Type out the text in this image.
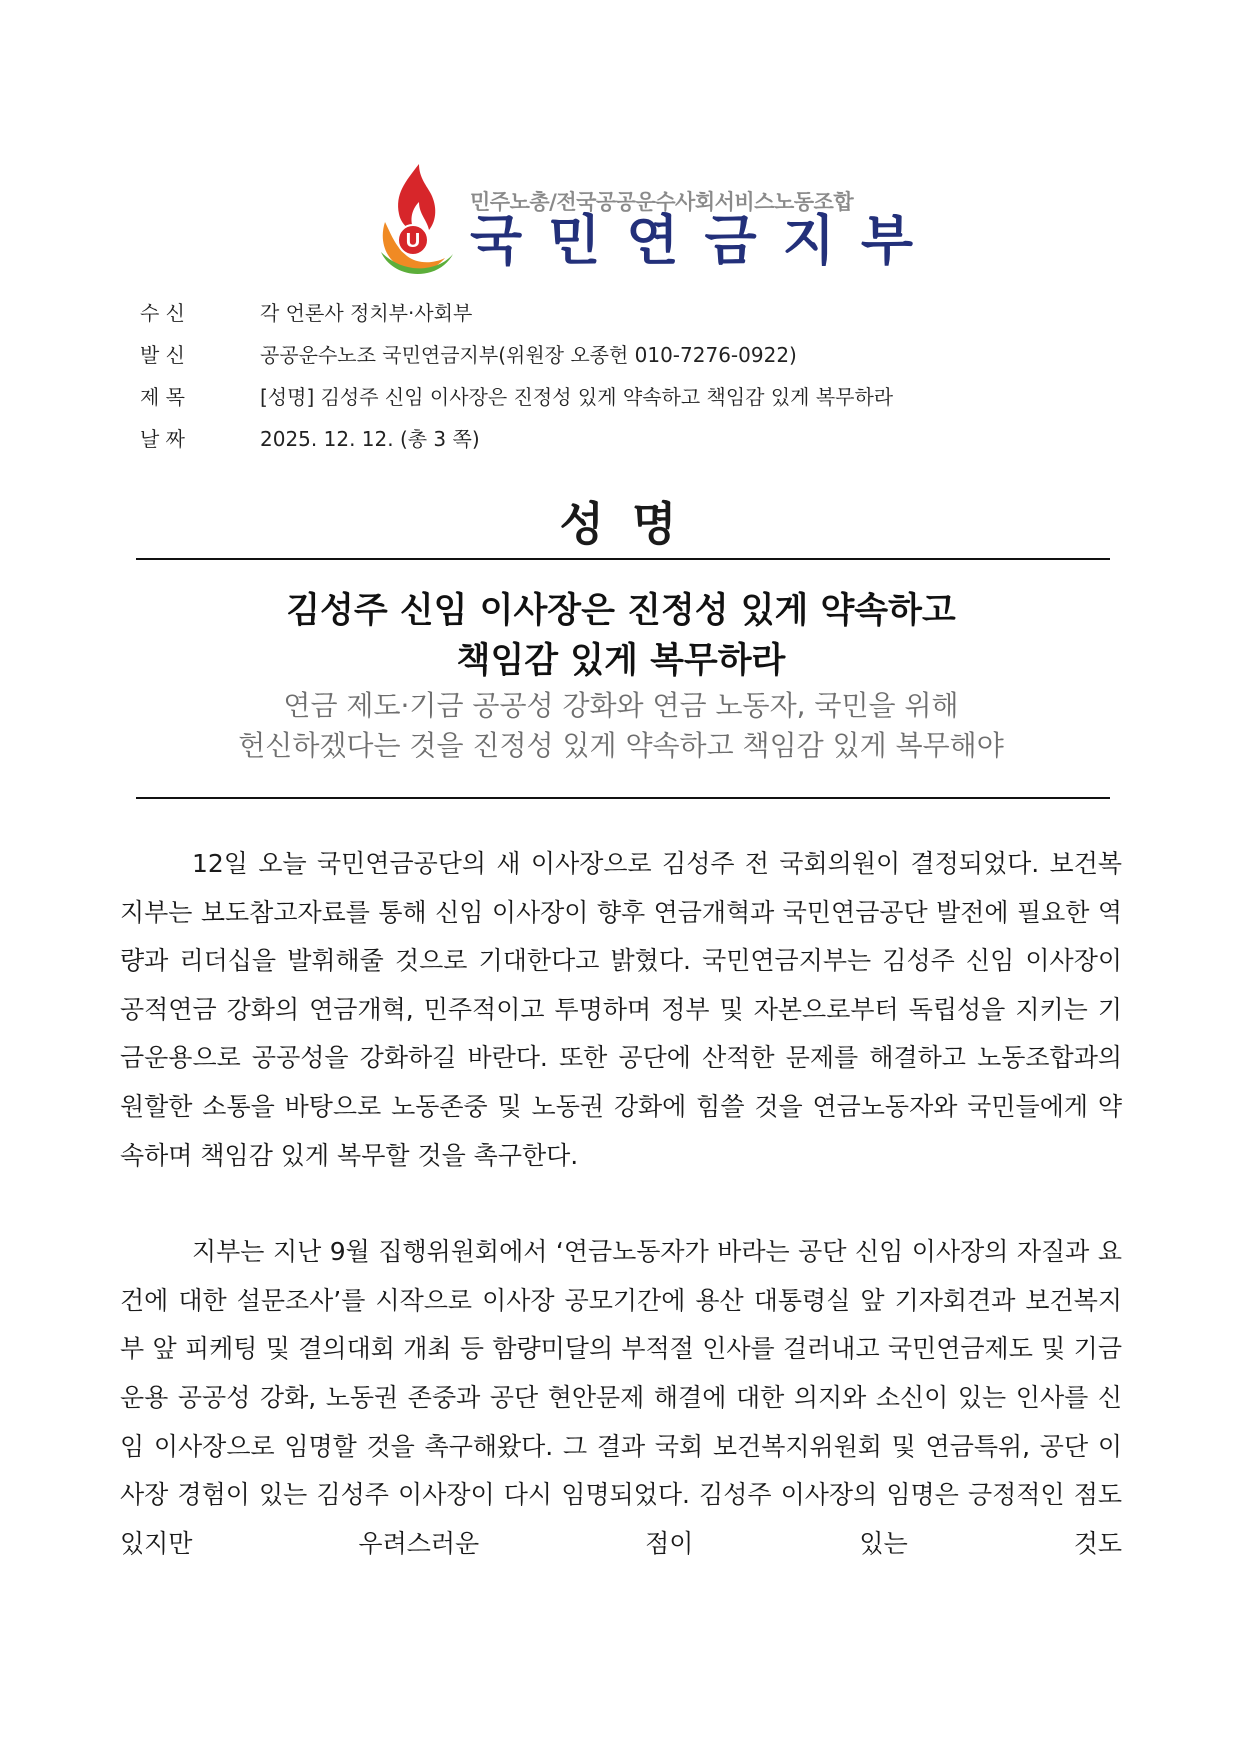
U
민주노총/전국공공운수사회서비스노동조합
국민연금지부
수 신	각 언론사 정치부·사회부
발 신	공공운수노조 국민연금지부(위원장 오종헌 010-7276-0922)
제 목	[성명] 김성주 신임 이사장은 진정성 있게 약속하고 책임감 있게 복무하라
날 짜	2025. 12. 12. (총 3 쪽)
성 명
김성주 신임 이사장은 진정성 있게 약속하고
책임감 있게 복무하라
연금 제도·기금 공공성 강화와 연금 노동자, 국민을 위해
헌신하겠다는 것을 진정성 있게 약속하고 책임감 있게 복무해야

12일 오늘 국민연금공단의 새 이사장으로 김성주 전 국회의원이 결정되었다. 보건복지부는 보도참고자료를 통해 신임 이사장이 향후 연금개혁과 국민연금공단 발전에 필요한 역량과 리더십을 발휘해줄 것으로 기대한다고 밝혔다. 국민연금지부는 김성주 신임 이사장이 공적연금 강화의 연금개혁, 민주적이고 투명하며 정부 및 자본으로부터 독립성을 지키는 기금운용으로 공공성을 강화하길 바란다. 또한 공단에 산적한 문제를 해결하고 노동조합과의 원할한 소통을 바탕으로 노동존중 및 노동권 강화에 힘쓸 것을 연금노동자와 국민들에게 약속하며 책임감 있게 복무할 것을 촉구한다.

지부는 지난 9월 집행위원회에서 ‘연금노동자가 바라는 공단 신임 이사장의 자질과 요건에 대한 설문조사’를 시작으로 이사장 공모기간에 용산 대통령실 앞 기자회견과 보건복지부 앞 피케팅 및 결의대회 개최 등 함량미달의 부적절 인사를 걸러내고 국민연금제도 및 기금운용 공공성 강화, 노동권 존중과 공단 현안문제 해결에 대한 의지와 소신이 있는 인사를 신임 이사장으로 임명할 것을 촉구해왔다. 그 결과 국회 보건복지위원회 및 연금특위, 공단 이사장 경험이 있는 김성주 이사장이 다시 임명되었다. 김성주 이사장의 임명은 긍정적인 점도 있지만 우려스러운 점이 있는 것도
